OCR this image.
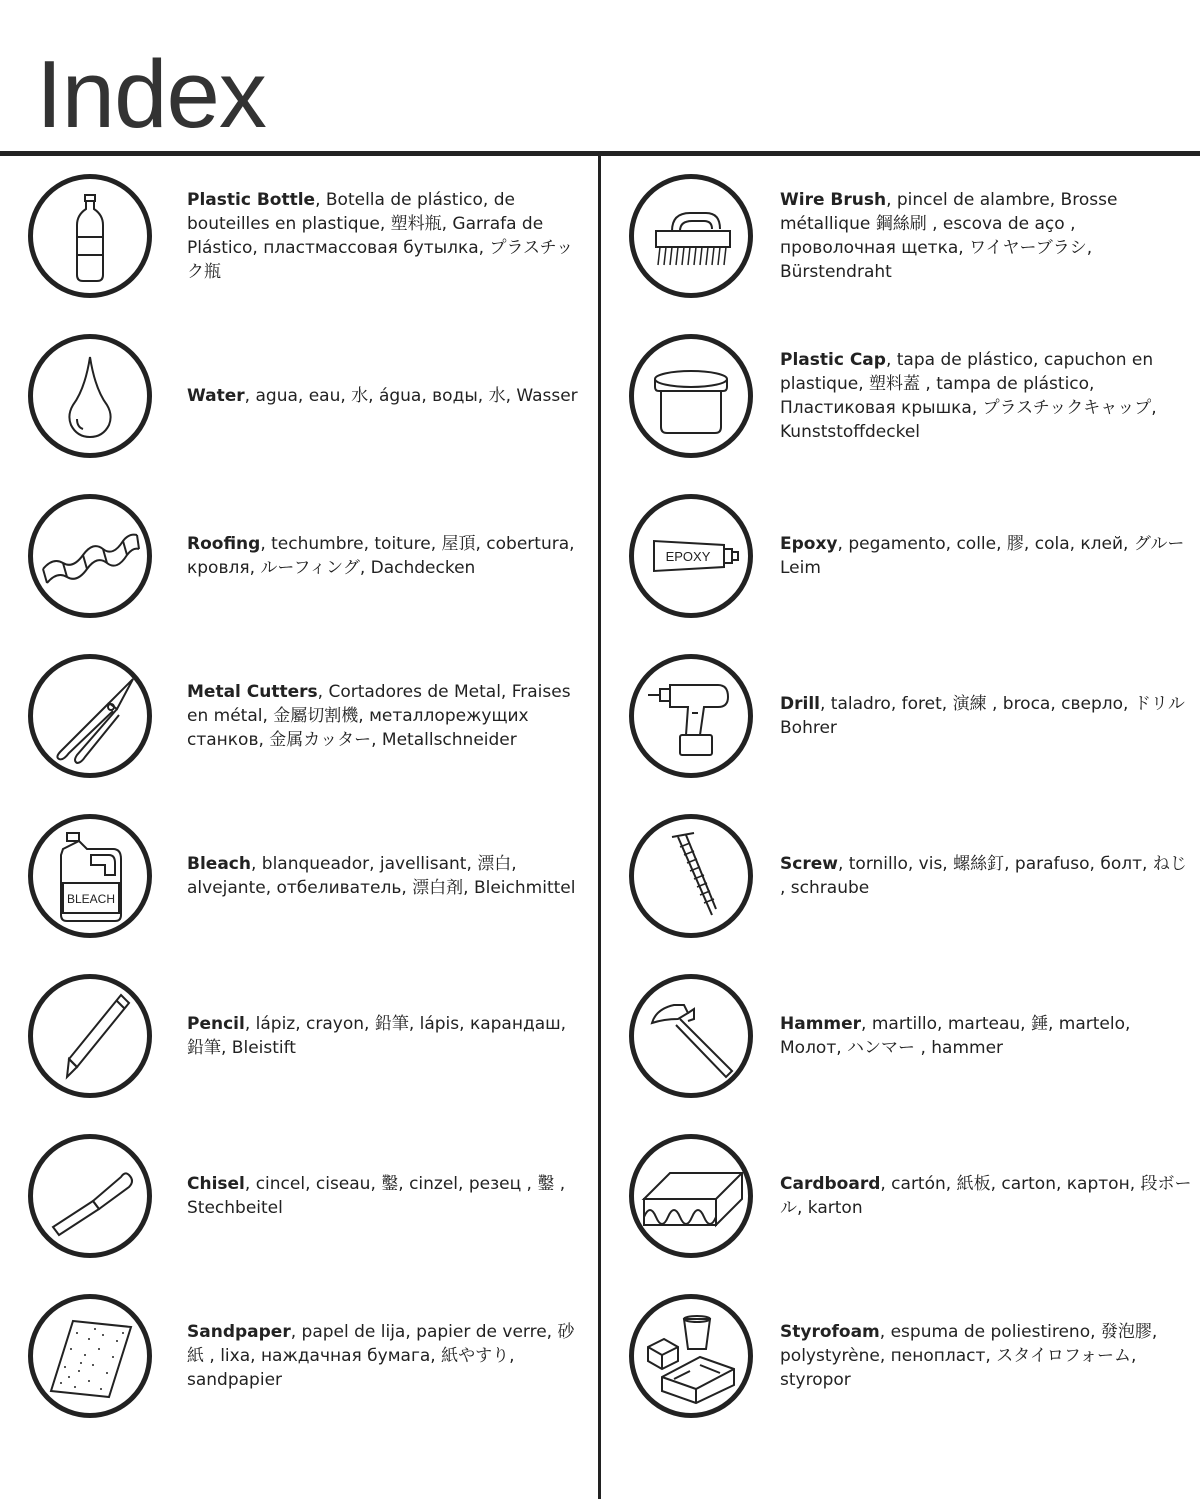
Index

Plastic Bottle, Botella de plástico, de bouteilles en plastique, 塑料瓶, Garrafa de Plástico, пластмассовая бутылка, プラスチック瓶

Water, agua, eau, 水, água, воды, 水, Wasser

Roofing, techumbre, toiture, 屋頂, cobertura, кровля, ルーフィング, Dachdecken

Metal Cutters, Cortadores de Metal, Fraises en métal, 金屬切割機, металлорежущих станков, 金属カッター, Metallschneider

BLEACH

Bleach, blanqueador, javellisant, 漂白, alvejante, отбеливатель, 漂白剤, Bleichmittel

Pencil, lápiz, crayon, 鉛筆, lápis, карандаш, 鉛筆, Bleistift

Chisel, cincel, ciseau, 鑿, cinzel, резец , 鑿 , Stechbeitel

Sandpaper, papel de lija, papier de verre, 砂紙 , lixa, наждачная бумага, 紙やすり, sandpapier

Wire Brush, pincel de alambre, Brosse métallique 鋼絲刷 , escova de aço , проволочная щетка, ワイヤーブラシ, Bürstendraht

Plastic Cap, tapa de plástico, capuchon en plastique, 塑料蓋 , tampa de plástico, Пластиковая крышка, プラスチックキャップ, Kunststoffdeckel

EPOXY

Epoxy, pegamento, colle, 膠, cola, клей, グルー Leim

Drill, taladro, foret, 演練 , broca, сверло, ドリル Bohrer

Screw, tornillo, vis, 螺絲釘, parafuso, болт, ねじ , schraube

Hammer, martillo, marteau, 錘, martelo, Молот, ハンマー , hammer

Cardboard, cartón, 紙板, carton, картон, 段ボール, karton

Styrofoam, espuma de poliestireno, 發泡膠, polystyrène, пенопласт, スタイロフォーム, styropor
